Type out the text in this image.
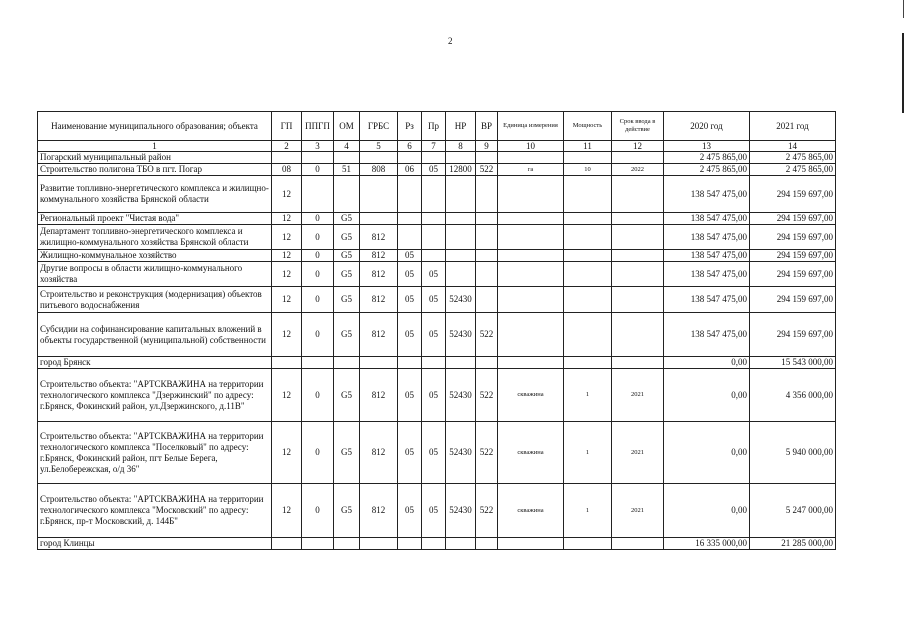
2
Наименование муниципального образования; объекта	ГП	ППГП	ОМ	ГРБС	Рз	Пр	НР	ВР	Единица измерения	Мощность	Срок ввода в действие	2020 год	2021 год
1	2	3	4	5	6	7	8	9	10	11	12	13	14
Погарский муниципальный район												2 475 865,00	2 475 865,00
Строительство полигона ТБО в пгт. Погар	08	0	51	808	06	05	12800	522	га	10	2022	2 475 865,00	2 475 865,00
Развитие топливно-энергетического комплекса и жилищно-коммунального хозяйства Брянской области	12											138 547 475,00	294 159 697,00
Региональный проект "Чистая вода"	12	0	G5									138 547 475,00	294 159 697,00
Департамент топливно-энергетического комплекса и жилищно-коммунального хозяйства Брянской области	12	0	G5	812								138 547 475,00	294 159 697,00
Жилищно-коммунальное хозяйство	12	0	G5	812	05							138 547 475,00	294 159 697,00
Другие вопросы в области жилищно-коммунального хозяйства	12	0	G5	812	05	05						138 547 475,00	294 159 697,00
Строительство и реконструкция (модернизация) объектов питьевого водоснабжения	12	0	G5	812	05	05	52430					138 547 475,00	294 159 697,00
Субсидии на софинансирование капитальных вложений в объекты государственной (муниципальной) собственности	12	0	G5	812	05	05	52430	522				138 547 475,00	294 159 697,00
город Брянск												0,00	15 543 000,00
Строительство объекта: "АРТСКВАЖИНА на территории технологического комплекса "Дзержинский" по адресу: г.Брянск, Фокинский район, ул.Дзержинского, д.11В"	12	0	G5	812	05	05	52430	522	скважина	1	2021	0,00	4 356 000,00
Строительство объекта: "АРТСКВАЖИНА на территории технологического комплекса "Поселковый" по адресу: г.Брянск, Фокинский район, пгт Белые Берега, ул.Белобережская, о/д 36"	12	0	G5	812	05	05	52430	522	скважина	1	2021	0,00	5 940 000,00
Строительство объекта: "АРТСКВАЖИНА на территории технологического комплекса "Московский" по адресу: г.Брянск, пр-т Московский, д. 144Б"	12	0	G5	812	05	05	52430	522	скважина	1	2021	0,00	5 247 000,00
город Клинцы												16 335 000,00	21 285 000,00
